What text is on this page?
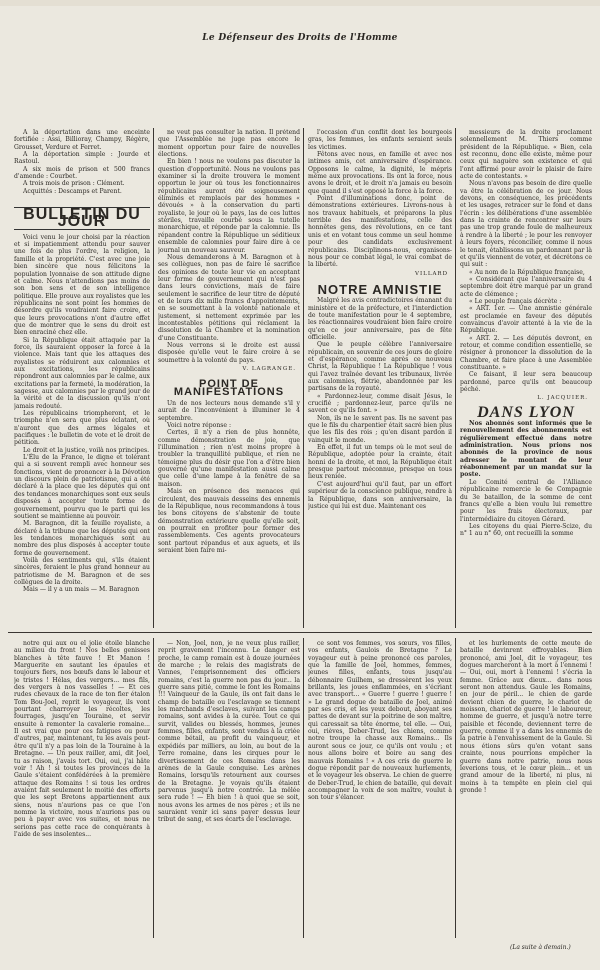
Le Défenseur des Droits de l'Homme

A la déportation dans une enceinte fortifiée : Assi, Billioray, Champy, Régère, Grousset, Verdure et Ferret.

A la déportation simple : Jourde et Rastoul.

A six mois de prison et 500 francs d'amende : Courbet.

A trois mois de prison : Clément.

Acquittés : Descamps et Parent.

BULLETIN DU JOUR

Voici venu le jour choisi par la réaction et si impatiemment attendu pour sauver une fois de plus l'ordre, la religion, la famille et la propriété. C'est avec une joie bien sincère que nous félicitons la population lyonnaise de son attitude digne et calme. Nous n'attendions pas moins de son bon sens et de son intelligence politique. Elle prouve aux royalistes que les républicains ne sont point les hommes de désordre qu'ils voudraient faire croire, et que leurs provocations n'ont d'autre effet que de montrer que le sens du droit est bien enraciné chez elle.

Si la République était attaquée par la force, ils sauraient opposer la force à la violence. Mais tant que les attaques des royalistes se réduiront aux calomnies et aux excitations, les républicains répondront aux calomnies par le calme, aux excitations par la fermeté, la modération, la sagesse, aux calomnies par le grand jour de la vérité et de la discussion qu'ils n'ont jamais redouté.

Les républicains triompheront, et le triomphe n'en sera que plus éclatant, où n'auront que des armes légales et pacifiques : le bulletin de vote et le droit de pétition.

Le droit et la justice, voilà nos principes.

L'Élu de la France, le digne et tolérant qui a si souvent rempli avec honneur ses fonctions, vient de prononcer à la Dévotion un discours plein de patriotisme, qui a été déclaré à la place que les députés qui ont des tendances monarchiques sont eux seuls disposés à accepter toute forme de gouvernement, pourvu que le parti qui les soutient se maintienne au pouvoir.

M. Baragnon, dit la feuille royaliste, a déclaré à la tribune que les députés qui ont les tendances monarchiques sont au nombre des plus disposés à accepter toute forme de gouvernement.

Voilà des sentiments qui, s'ils étaient sincères, feraient le plus grand honneur au patriotisme de M. Baragnon et de ses collègues de la droite.

Mais — il y a un mais — M. Baragnon

ne veut pas consulter la nation. Il prétend que l'Assemblée ne juge pas encore le moment opportun pour faire de nouvelles élections.

En bien ! nous ne voulons pas discuter la question d'opportunité. Nous ne voulons pas examiner si la droite trouvera le moment opportun le jour où tous les fonctionnaires républicains auront été soigneusement éliminés et remplacés par des hommes « dévoués » à la conservation du parti royaliste, le jour où le pays, las de ces luttes stériles, travaille courbé sous la tutelle monarchique, et réponde par la calomnie. Ils répandent contre la République un séditieux ensemble de calomnies pour faire dire à ce journal un nouveau sauveur.

Nous demanderons à M. Baragnon et à ses collègues, non pas de faire le sacrifice des opinions de toute leur vie en acceptant leur forme de gouvernement qui n'est pas dans leurs convictions, mais de faire seulement le sacrifice de leur titre de député et de leurs dix mille francs d'appointements, en se soumettant à la volonté nationale et justement, si nettement exprimée par les incontestables pétitions qui réclament la dissolution de la Chambre et la nomination d'une Constituante.

Nous verrons si le droite est aussi disposée qu'elle veut le faire croire à se soumettre à la volonté du pays.

V. LAGRANGE.
POINT DE MANIFESTATIONS

Un de nos lecteurs nous demande s'il y aurait de l'inconvénient à illuminer le 4 septembre.

Voici notre réponse :

Certes, il n'y a rien de plus honnête, comme démonstration de joie, que l'illumination ; rien n'est moins propre à troubler la tranquillité publique, et rien ne témoigne plus du désir que l'on a d'être bien gouverné qu'une manifestation aussi calme que celle d'une lampe à la fenêtre de sa maison.

Mais en présence des menaces qui circulent, des mauvais desseins des ennemis de la République, nous recommandons à tous les bons citoyens de s'abstenir de toute démonstration extérieure quelle qu'elle soit, on pourrait en profiter pour former des rassemblements. Ces agents provocateurs sont partout répandus et aux aguets, et ils seraient bien faire mi-

l'occasion d'un conflit dont les bourgeois gras, les femmes, les enfants seraient seuls les victimes.

Fêtons avec nous, en famille et avec nos intimes amis, cet anniversaire d'espérance. Opposons le calme, la dignité, le mépris même aux provocations. Ils ont la force, nous avons le droit, et le droit n'a jamais eu besoin que quand il s'est opposé la force à la force.

Point d'illuminations donc, point de démonstrations extérieures. Livrons-nous à nos travaux habituels, et préparons la plus terrible des manifestations, celle des honnêtes gens, des révolutions, en ce tant unis et en votant tous comme un seul homme pour des candidats exclusivement républicains. Disciplinons-nous, organisons-nous pour ce combat légal, le vrai combat de la liberté.

VILLARD
NOTRE AMNISTIE

Malgré les avis contradictoires émanant du ministère et de la préfecture, et l'interdiction de toute manifestation pour le 4 septembre, les réactionnaires voudraient bien faire croire qu'en ce jour anniversaire, pas de fête officielle.

Que le peuple célèbre l'anniversaire républicain, en souvenir de ces jours de gloire et d'espérance, comme après ce nouveau Christ, la République ! La République ! vous qui l'avez traînée devant les tribunaux, livrée aux calomnies, flétrie, abandonnée par les partisans de la royauté.

« Pardonnez-leur, comme disait Jésus, le crucifié ; pardonnez-leur, parce qu'ils ne savent ce qu'ils font. »

Non, ils ne le savent pas. Ils ne savent pas que le fils du charpentier était sacré bien plus que les fils des rois ; qu'en disant pardon il vainquit le monde.

En effet, il fut un temps où le mot seul de République, adoptée pour la crainte, était honni de la droite, et moi, la République était presque partout méconnue, presque en tous lieux reniée.

C'est aujourd'hui qu'il faut, par un effort supérieur de la conscience publique, rendre à la République, dans son anniversaire, la justice qui lui est due. Maintenant ces

messieurs de la droite proclament solennellement M. Thiers comme président de la République. « Bien, cela est reconnu, donc elle existe, même pour ceux qui naguère son existence et qui l'ont affirmé pour avoir le plaisir de faire acte de contestants. »

Nous n'avons pas besoin de dire quelle va être la célébration de ce jour. Nous devons, en conséquence, les précédents et les usages, retracer sur le fond et dans l'écrin : les délibérations d'une assemblée dans la crainte de rencontrer sur leurs pas une trop grande foule de malheureux à rendre à la liberté ; le pour les renvoyer à leurs foyers, réconcilier, comme il nous le tenait, établissons un pardonnant par là et qu'ils viennent de voter, et décrétons ce qui suit :

« Au nom de la République française,

« Considérant que l'anniversaire du 4 septembre doit être marqué par un grand acte de clémence ;

« Le peuple français décrète :

« ART. 1er. — Une amnistie générale est proclamée en faveur des députés convaincus d'avoir attenté à la vie de la République.

« ART. 2. — Les députés devront, en retour, et comme condition essentielle, se résigner à prononcer la dissolution de la Chambre, et faire place à une Assemblée constituante. »

Ce faisant, il leur sera beaucoup pardonné, parce qu'ils ont beaucoup péché.

L. JACQUIER.
DANS LYON

Nos abonnés sont informés que le renouvellement des abonnements est régulièrement effectué dans notre administration. Nous prions nos abonnés de la province de nous adresser le montant de leur réabonnement par un mandat sur la poste.

Le Comité central de l'Alliance républicaine remercie le 6e Compagnie du 3e bataillon, de la somme de cent francs qu'elle a bien voulu lui remettre pour les frais électoraux, par l'intermédiaire du citoyen Gérard.

Les citoyens du quai Pierre-Scize, du n° 1 au n° 60, ont recueilli la somme

notre qui aux ou el jolie étoile blanche au milieu du front ! Nos belles genisses blanches à tête fauve ! Et Manon ! Marguerite en sautant les épaules et toujours fiers, nos bœufs dans le labour et je tristes ! Hélas, des vergers... mes fils, des vergers à nos vasselles ! — Et ces rudes chevaux de la race de ton fier étalon Tom Bou-Joel, reprit le voyageur, ils vont pourtant charroyer les récoltes, les fourrages, jusqu'en Touraine, et servir ensuite à remonter la cavalerie romaine... Il est vrai que pour ces fatigues ou pour d'autres, par, maintenant, tu les avais peut-être qu'il n'y a pas loin de la Touraine à la Bretagne. — Un peux railler, ami, dit Joel, tu as raison, j'avais tort. Oui, oui, j'ai hâte voir ! Ah ! si toutes les provinces de la Gaule s'étaient confédérées à la première attaque des Romains ! si tous les ordres avaient fait seulement le moitié des efforts que les sept Bretons appartiennent aux siens, nous n'aurions pas ce que l'on nomme la victoire, nous n'aurions pas ou peu à payer avec vos suites, et nous ne serions pas cette race de conquérants à l'aide de ses insolentes...

— Non, Joel, non, je ne veux plus railler, reprit gravement l'inconnu. Le danger est proche, le camp romain est à douze journées de marche ; le relais des magistrats de Vannes, l'emprisonnement des officiers romains, c'est la guerre non pas du jour... la guerre sans pitié, comme le font les Romains !!! Vainqueur de la Gaule, ils ont fait dans le champ de bataille ou l'esclavage se tiennent les marchands d'esclaves, suivant les camps romains, sont avides à la curée. Tout ce qui survit, valides ou blessés, hommes, jeunes femmes, filles, enfants, sont vendus à la criée comme bétail, au profit du vainqueur, et expédiés par milliers, au loin, au bout de la Terre romaine, dans les cirques pour le divertissement de ces Romains dans les arènes de la Gaule conquise. Les arènes Romains, lorsqu'ils retournent aux courses de la Bretagne. Je voyais qu'ils étaient parvenus jusqu'à notre contrée. La mêlée sera rude ! — Eh bien ! à quoi que se soit, nous avons les armes de nos pères ; et ils ne sauraient venir ici sans payer dessus leur tribut de sang, et ses écarts de l'esclavage.

ce sont vos femmes, vos sœurs, vos filles, vos enfants, Gaulois de Bretagne ? Le voyageur eut à peine prononcé ces paroles, que la famille de Joel, hommes, femmes, jeunes filles, enfants, tous jusqu'au débonnaire Guilhem, se dressèrent les yeux brillants, les joues enflammées, en s'écriant avec transport... « Guerre ! guerre ! guerre ! » Le grand dogue de bataille de Joel, animé par ses cris, et les yeux debout, aboyant ses pattes de devant sur la poitrine de son maître, qui caressait sa tête énorme, tel elle. — Oui, oui, rièves, Deber-Trud, les chiens, comme notre troupe la chasse aux Romains... Ils auront sous ce jour, ce qu'ils ont voulu ; et nous allons boire et boire au sang des mauvais Romains ! « A ces cris de guerre le dogue répondit par de nouveaux hurlements, et le voyageur les observa. Le chien de guerre de Deber-Trud, le chien de bataille, qui devait accompagner la voix de son maître, voulut à son tour s'élancer.

et les hurlements de cette meute de bataille devinrent effroyables. Bien prononcé, ami Joel, dit le voyageur, tes dogues marcheront à la mort à l'ennemi ! — Oui, oui, mort à l'ennemi ! s'écria la femme. Grâce aux dieux... dans nous seront non attendus. Gaule les Romains, en jour de péril... le chien de garde devient chien de guerre, le chariot de moisson, chariot de guerre ! le laboureur, homme de guerre, et jusqu'à notre terre paisible et féconde, deviennent terre de guerre, comme il y a dans les ennemis de la patrie à l'envahissement de la Gaule. Si nous étions sûrs qu'en votant sans crainte, nous pourrions empêcher la guerre dans notre patrie, nous nous leverions tous, et le cœur plein... et un grand amour de la liberté, ni plus, ni moins à ta tempête en plein ciel qui gronde !

(La suite à demain.)
